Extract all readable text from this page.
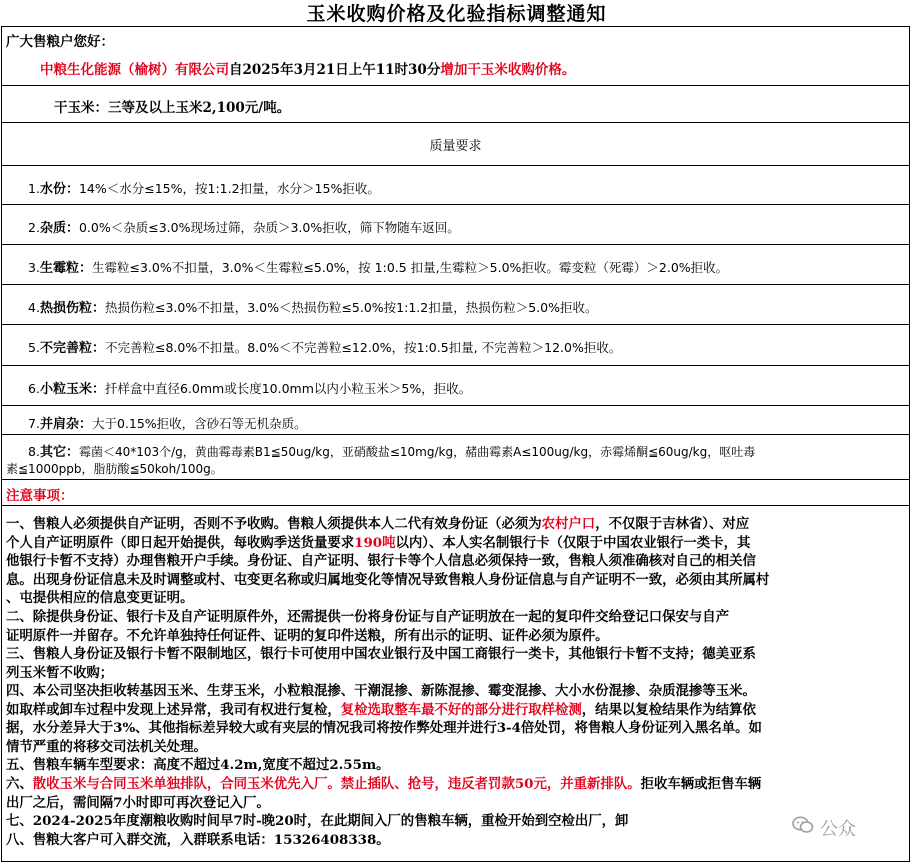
玉米收购价格及化验指标调整通知
广大售粮户您好：
中粮生化能源（榆树）有限公司自2025年3月21日上午11时30分增加干玉米收购价格。
干玉米：三等及以上玉米2,100元/吨。
质量要求
1.水份：14%＜水分≤15%，按1:1.2扣量，水分＞15%拒收。
2.杂质：0.0%＜杂质≤3.0%现场过筛，杂质＞3.0%拒收，筛下物随车返回。
3.生霉粒：生霉粒≤3.0%不扣量，3.0%＜生霉粒≤5.0%，按 1:0.5 扣量,生霉粒＞5.0%拒收。霉变粒（死霉）＞2.0%拒收。
4.热损伤粒：热损伤粒≤3.0%不扣量，3.0%＜热损伤粒≤5.0%按1:1.2扣量，热损伤粒＞5.0%拒收。
5.不完善粒：不完善粒≤8.0%不扣量。8.0%＜不完善粒≤12.0%，按1:0.5扣量, 不完善粒＞12.0%拒收。
6.小粒玉米：扦样盒中直径6.0mm或长度10.0mm以内小粒玉米＞5%，拒收。
7.并肩杂：大于0.15%拒收，含砂石等无机杂质。
8.其它：霉菌＜40*103个/g，黄曲霉毒素B1≦50ug/kg，亚硝酸盐≤10mg/kg，赭曲霉素A≤100ug/kg，赤霉烯酮≦60ug/kg，呕吐毒
素≦1000ppb，脂肪酸≦50koh/100g。
注意事项：
一、售粮人必须提供自产证明，否则不予收购。售粮人须提供本人二代有效身份证（必须为农村户口，不仅限于吉林省）、对应
个人自产证明原件（即日起开始提供，每收购季送货量要求190吨以内）、本人实名制银行卡（仅限于中国农业银行一类卡，其
他银行卡暂不支持）办理售粮开户手续。身份证、自产证明、银行卡等个人信息必须保持一致，售粮人须准确核对自己的相关信
息。出现身份证信息未及时调整或村、屯变更名称或归属地变化等情况导致售粮人身份证信息与自产证明不一致，必须由其所属村
、屯提供相应的信息变更证明。
二、除提供身份证、银行卡及自产证明原件外，还需提供一份将身份证与自产证明放在一起的复印件交给登记口保安与自产
证明原件一并留存。不允许单独持任何证件、证明的复印件送粮，所有出示的证明、证件必须为原件。
三、售粮人身份证及银行卡暂不限制地区，银行卡可使用中国农业银行及中国工商银行一类卡，其他银行卡暂不支持；德美亚系
列玉米暂不收购；
四、本公司坚决拒收转基因玉米、生芽玉米，小粒粮混掺、干潮混掺、新陈混掺、霉变混掺、大小水份混掺、杂质混掺等玉米。
如取样或卸车过程中发现上述异常，我司有权进行复检，复检选取整车最不好的部分进行取样检测，结果以复检结果作为结算依
据，水分差异大于3%、其他指标差异较大或有夹层的情况我司将按作弊处理并进行3-4倍处罚，将售粮人身份证列入黑名单。如
情节严重的将移交司法机关处理。
五、售粮车辆车型要求：高度不超过4.2m,宽度不超过2.55m。
六、散收玉米与合同玉米单独排队，合同玉米优先入厂。禁止插队、抢号，违反者罚款50元，并重新排队。拒收车辆或拒售车辆
出厂之后，需间隔7小时即可再次登记入厂。
七、2024-2025年度潮粮收购时间早7时-晚20时，在此期间入厂的售粮车辆，重检开始到空检出厂，卸
八、售粮大客户可入群交流，入群联系电话：15326408338。	公众
